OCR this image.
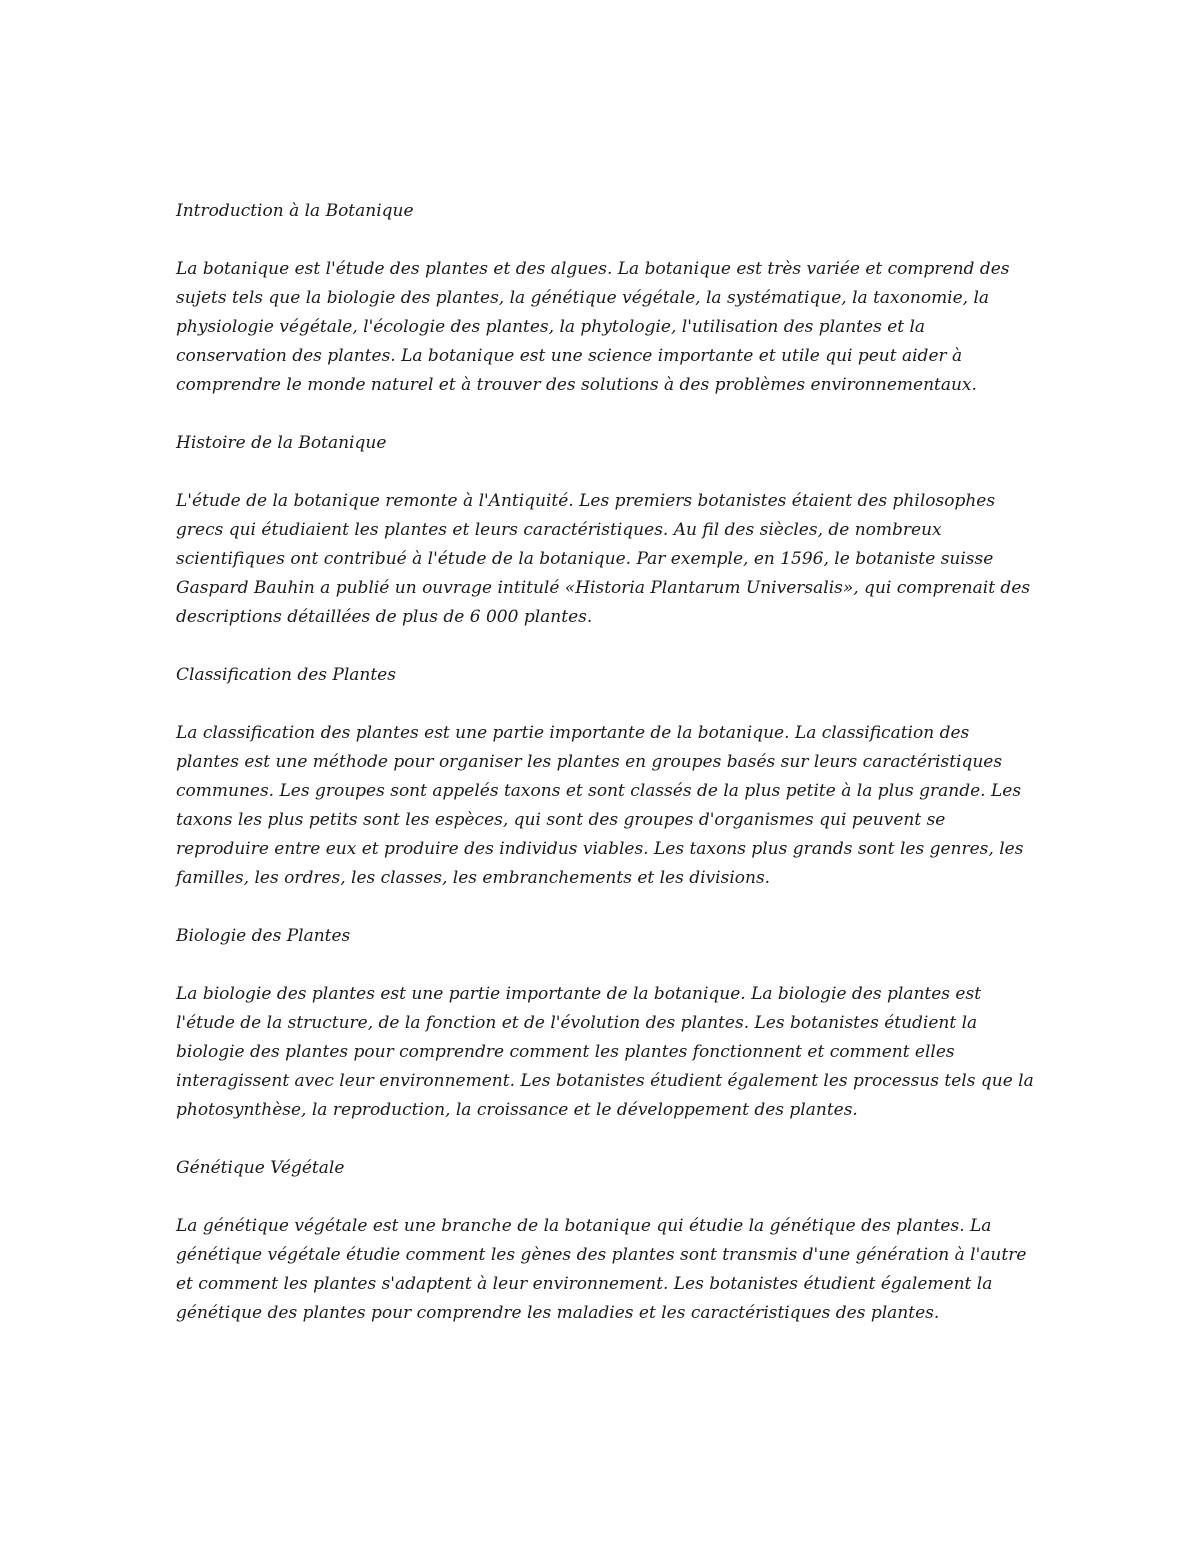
Introduction à la Botanique

La botanique est l'étude des plantes et des algues. La botanique est très variée et comprend des sujets tels que la biologie des plantes, la génétique végétale, la systématique, la taxonomie, la physiologie végétale, l'écologie des plantes, la phytologie, l'utilisation des plantes et la conservation des plantes. La botanique est une science importante et utile qui peut aider à comprendre le monde naturel et à trouver des solutions à des problèmes environnementaux.

Histoire de la Botanique

L'étude de la botanique remonte à l'Antiquité. Les premiers botanistes étaient des philosophes grecs qui étudiaient les plantes et leurs caractéristiques. Au fil des siècles, de nombreux scientifiques ont contribué à l'étude de la botanique. Par exemple, en 1596, le botaniste suisse Gaspard Bauhin a publié un ouvrage intitulé «Historia Plantarum Universalis», qui comprenait des descriptions détaillées de plus de 6 000 plantes.

Classification des Plantes

La classification des plantes est une partie importante de la botanique. La classification des plantes est une méthode pour organiser les plantes en groupes basés sur leurs caractéristiques communes. Les groupes sont appelés taxons et sont classés de la plus petite à la plus grande. Les taxons les plus petits sont les espèces, qui sont des groupes d'organismes qui peuvent se reproduire entre eux et produire des individus viables. Les taxons plus grands sont les genres, les familles, les ordres, les classes, les embranchements et les divisions.

Biologie des Plantes

La biologie des plantes est une partie importante de la botanique. La biologie des plantes est l'étude de la structure, de la fonction et de l'évolution des plantes. Les botanistes étudient la biologie des plantes pour comprendre comment les plantes fonctionnent et comment elles interagissent avec leur environnement. Les botanistes étudient également les processus tels que la photosynthèse, la reproduction, la croissance et le développement des plantes.

Génétique Végétale

La génétique végétale est une branche de la botanique qui étudie la génétique des plantes. La génétique végétale étudie comment les gènes des plantes sont transmis d'une génération à l'autre et comment les plantes s'adaptent à leur environnement. Les botanistes étudient également la génétique des plantes pour comprendre les maladies et les caractéristiques des plantes.
